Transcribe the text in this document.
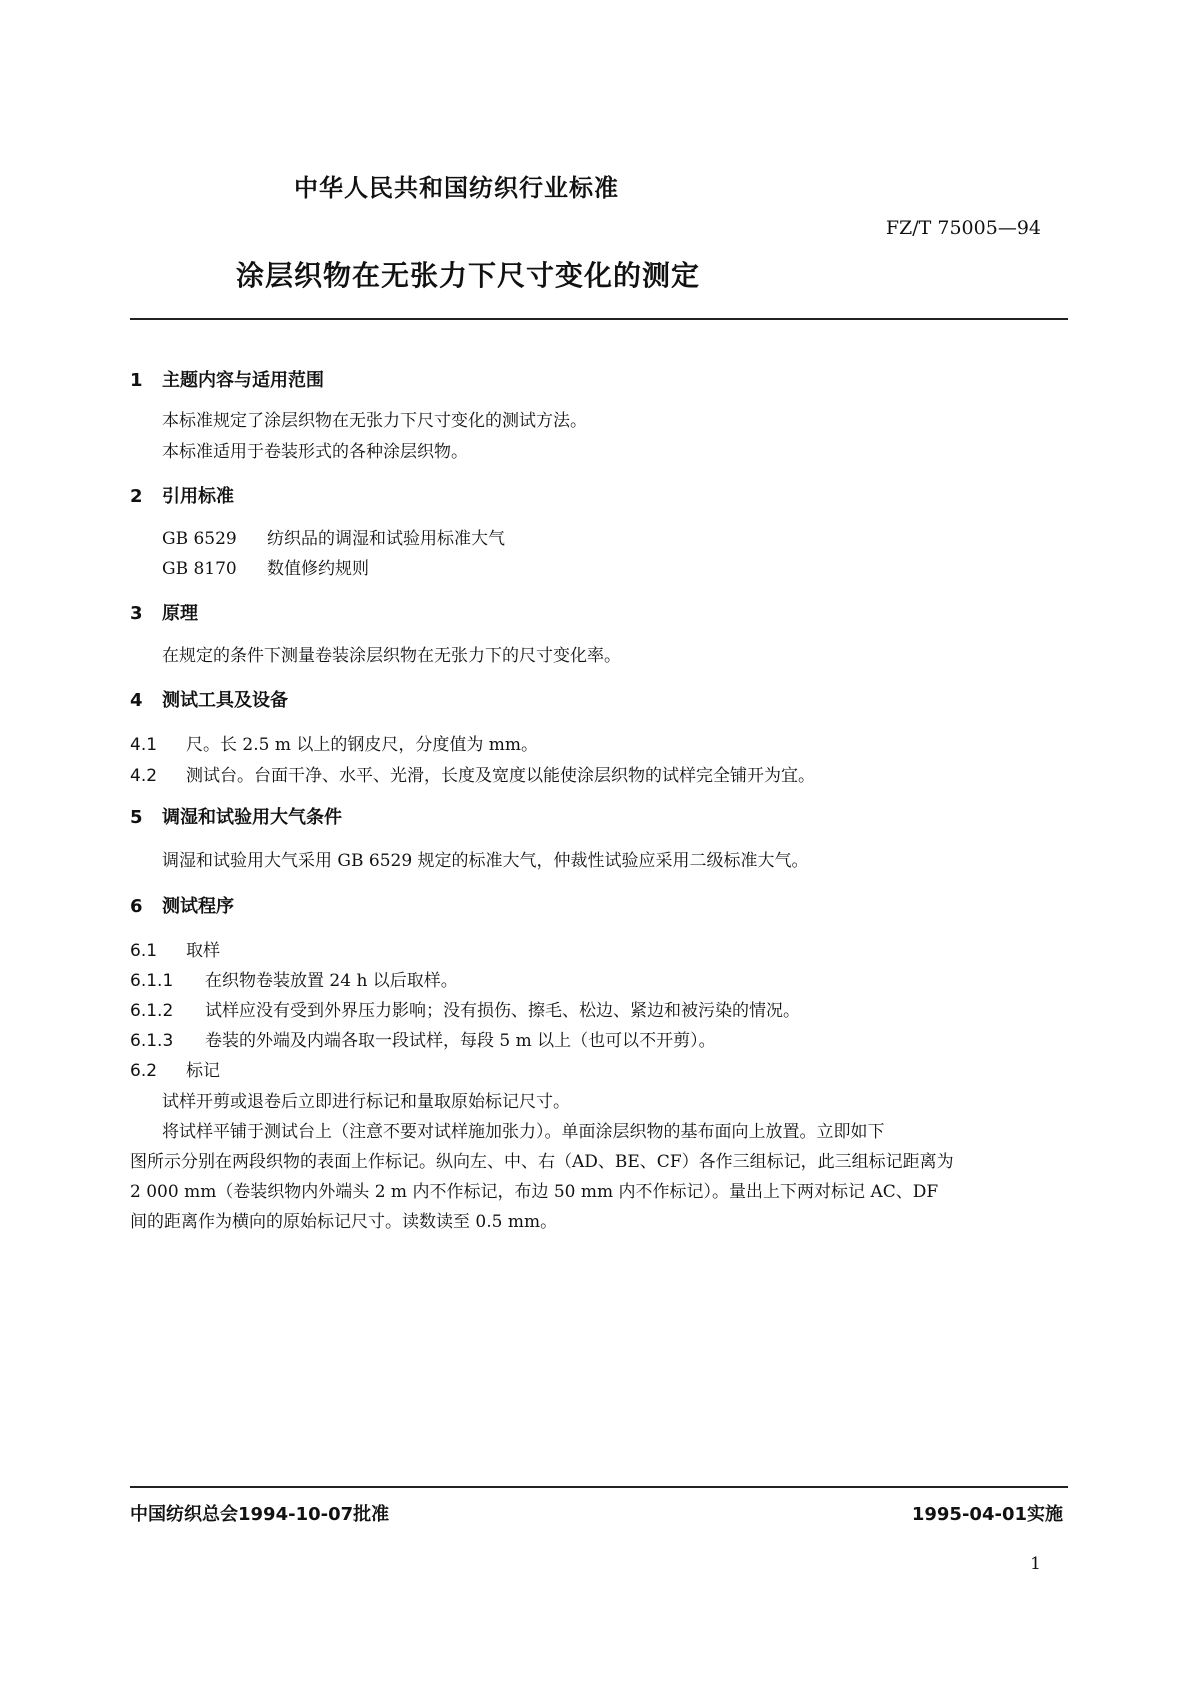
中华人民共和国纺织行业标准
FZ/T 75005—94
涂层织物在无张力下尺寸变化的测定
1 主题内容与适用范围
本标准规定了涂层织物在无张力下尺寸变化的测试方法。
本标准适用于卷装形式的各种涂层织物。
2 引用标准
GB 6529 纺织品的调湿和试验用标准大气
GB 8170 数值修约规则
3 原理
在规定的条件下测量卷装涂层织物在无张力下的尺寸变化率。
4 测试工具及设备
4.1 尺。长 2.5 m 以上的钢皮尺，分度值为 mm。
4.2 测试台。台面干净、水平、光滑，长度及宽度以能使涂层织物的试样完全铺开为宜。
5 调湿和试验用大气条件
调湿和试验用大气采用 GB 6529 规定的标准大气，仲裁性试验应采用二级标准大气。
6 测试程序
6.1 取样
6.1.1 在织物卷装放置 24 h 以后取样。
6.1.2 试样应没有受到外界压力影响；没有损伤、擦毛、松边、紧边和被污染的情况。
6.1.3 卷装的外端及内端各取一段试样，每段 5 m 以上（也可以不开剪）。
6.2 标记
试样开剪或退卷后立即进行标记和量取原始标记尺寸。
将试样平铺于测试台上（注意不要对试样施加张力）。单面涂层织物的基布面向上放置。立即如下
图所示分别在两段织物的表面上作标记。纵向左、中、右（AD、BE、CF）各作三组标记，此三组标记距离为
2 000 mm（卷装织物内外端头 2 m 内不作标记，布边 50 mm 内不作标记）。量出上下两对标记 AC、DF
间的距离作为横向的原始标记尺寸。读数读至 0.5 mm。
中国纺织总会1994-10-07批准	1995-04-01实施
1
